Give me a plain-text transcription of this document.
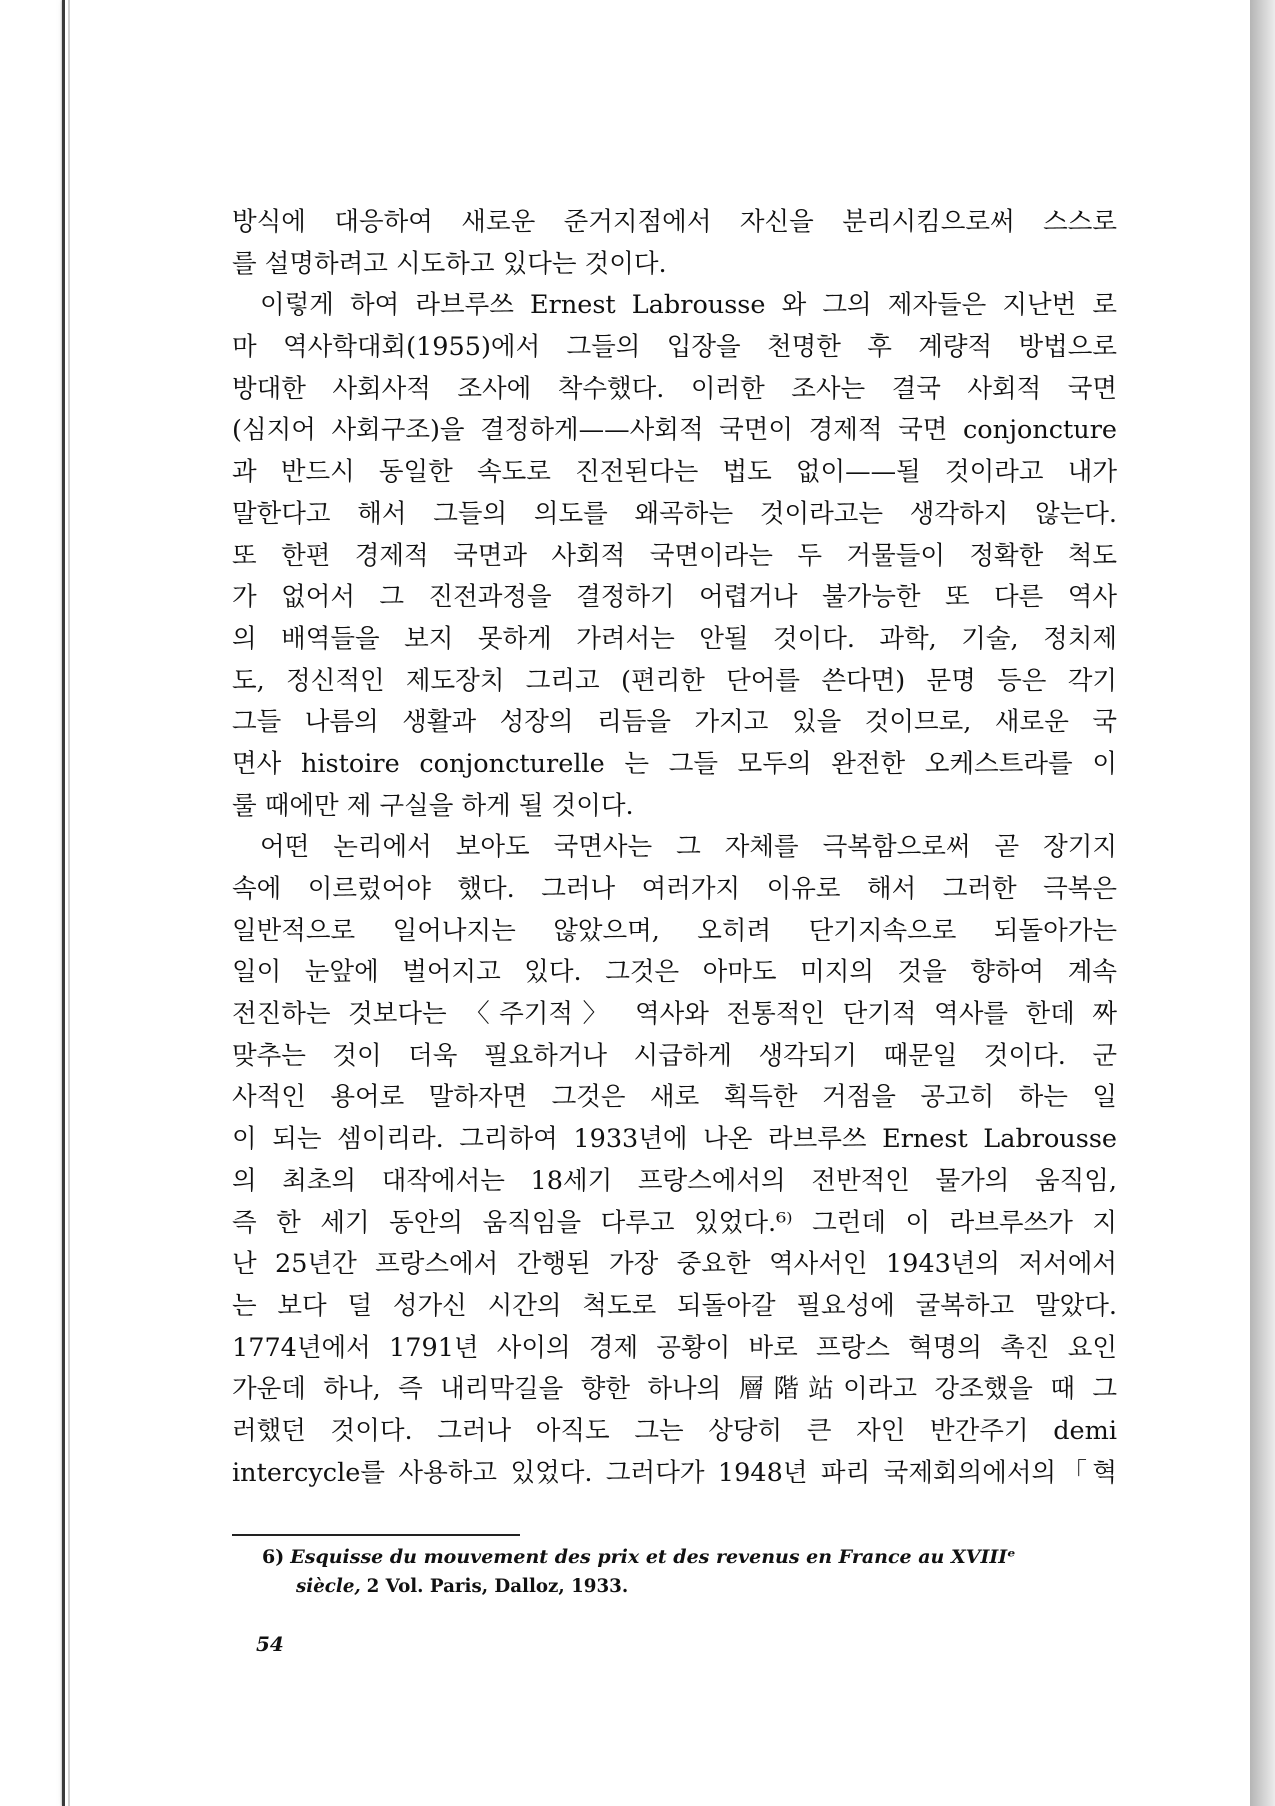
방식에 대응하여 새로운 준거지점에서 자신을 분리시킴으로써 스스로
를 설명하려고 시도하고 있다는 것이다.
이렇게 하여 라브루쓰 Ernest Labrousse 와 그의 제자들은 지난번 로
마 역사학대회(1955)에서 그들의 입장을 천명한 후 계량적 방법으로
방대한 사회사적 조사에 착수했다. 이러한 조사는 결국 사회적 국면
(심지어 사회구조)을 결정하게——사회적 국면이 경제적 국면 conjoncture
과 반드시 동일한 속도로 진전된다는 법도 없이——될 것이라고 내가
말한다고 해서 그들의 의도를 왜곡하는 것이라고는 생각하지 않는다.
또 한편 경제적 국면과 사회적 국면이라는 두 거물들이 정확한 척도
가 없어서 그 진전과정을 결정하기 어렵거나 불가능한 또 다른 역사
의 배역들을 보지 못하게 가려서는 안될 것이다. 과학, 기술, 정치제
도, 정신적인 제도장치 그리고 (편리한 단어를 쓴다면) 문명 등은 각기
그들 나름의 생활과 성장의 리듬을 가지고 있을 것이므로, 새로운 국
면사 histoire conjoncturelle 는 그들 모두의 완전한 오케스트라를 이
룰 때에만 제 구실을 하게 될 것이다.
어떤 논리에서 보아도 국면사는 그 자체를 극복함으로써 곧 장기지
속에 이르렀어야 했다. 그러나 여러가지 이유로 해서 그러한 극복은
일반적으로 일어나지는 않았으며, 오히려 단기지속으로 되돌아가는
일이 눈앞에 벌어지고 있다. 그것은 아마도 미지의 것을 향하여 계속
전진하는 것보다는 〈주기적〉 역사와 전통적인 단기적 역사를 한데 짜
맞추는 것이 더욱 필요하거나 시급하게 생각되기 때문일 것이다. 군
사적인 용어로 말하자면 그것은 새로 획득한 거점을 공고히 하는 일
이 되는 셈이리라. 그리하여 1933년에 나온 라브루쓰 Ernest Labrousse
의 최초의 대작에서는 18세기 프랑스에서의 전반적인 물가의 움직임,
즉 한 세기 동안의 움직임을 다루고 있었다.⁶⁾ 그런데 이 라브루쓰가 지
난 25년간 프랑스에서 간행된 가장 중요한 역사서인 1943년의 저서에서
는 보다 덜 성가신 시간의 척도로 되돌아갈 필요성에 굴복하고 말았다.
1774년에서 1791년 사이의 경제 공황이 바로 프랑스 혁명의 촉진 요인
가운데 하나, 즉 내리막길을 향한 하나의 層階站이라고 강조했을 때 그
러했던 것이다. 그러나 아직도 그는 상당히 큰 자인 반간주기 demi
intercycle를 사용하고 있었다. 그러다가 1948년 파리 국제회의에서의「혁
6) Esquisse du mouvement des prix et des revenus en France au XVIIIᵉ
siècle, 2 Vol. Paris, Dalloz, 1933.
54
